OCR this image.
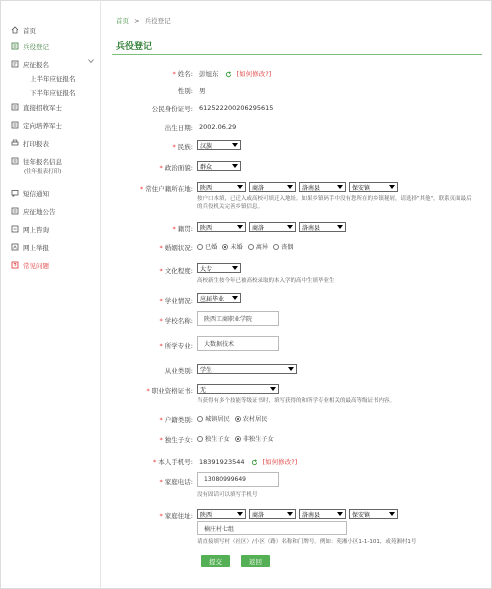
首页
兵役登记
应征报名
上半年应征报名
下半年应征报名
直接招收军士
定向培养军士
打印报表
往年报名信息
(往年报表打印)
短信通知
应征地公告
网上咨询
网上举报
常见问题
首页 > 兵役登记
兵役登记
* 姓名: 彭旭东	[如何修改?]
性别: 男
公民身份证号: 612522200206295615
出生日期: 2002.06.29
* 民族: 汉族
* 政治面貌: 群众
* 常住户籍所在地: 陕西	商洛	洛南县	保安镇
按户口本填，已迁入或高校可填迁入地址。如果乡镇码手中没有您所在的乡镇秘屑，请选择"其他"，联系页面最后的兵役机关完善乡镇信息。
* 籍贯: 陕西	商洛	洛南县
* 婚姻状况: 已婚 未婚 离异 丧偶
* 文化程度: 大专
高校新生按今年已被高校录取的本入学的高中生填毕业生
* 学业情况: 应届毕业
* 学校名称:	陕西工商职业学院
* 所学专业:	大数据技术
从业类别: 学生
* 职业资格证书: 无
当获得有多个技能等级证书时，填写获得的和所学专业相关的最高等级证书内容。
* 户籍类别: 城镇居民 农村居民
* 独生子女: 独生子女 非独生子女
* 本人手机号: 18391923544	[如何修改?]
* 家庭电话:	13080999649
没有固话可以填写手机号
* 家庭住址: 陕西	商洛	洛南县	保安镇
楠庄村七组
请直接填写村（社区）/小区（路）名称和门牌号。例如：苑湘小区1-1-101，或苑湘村1号
提交	返回
